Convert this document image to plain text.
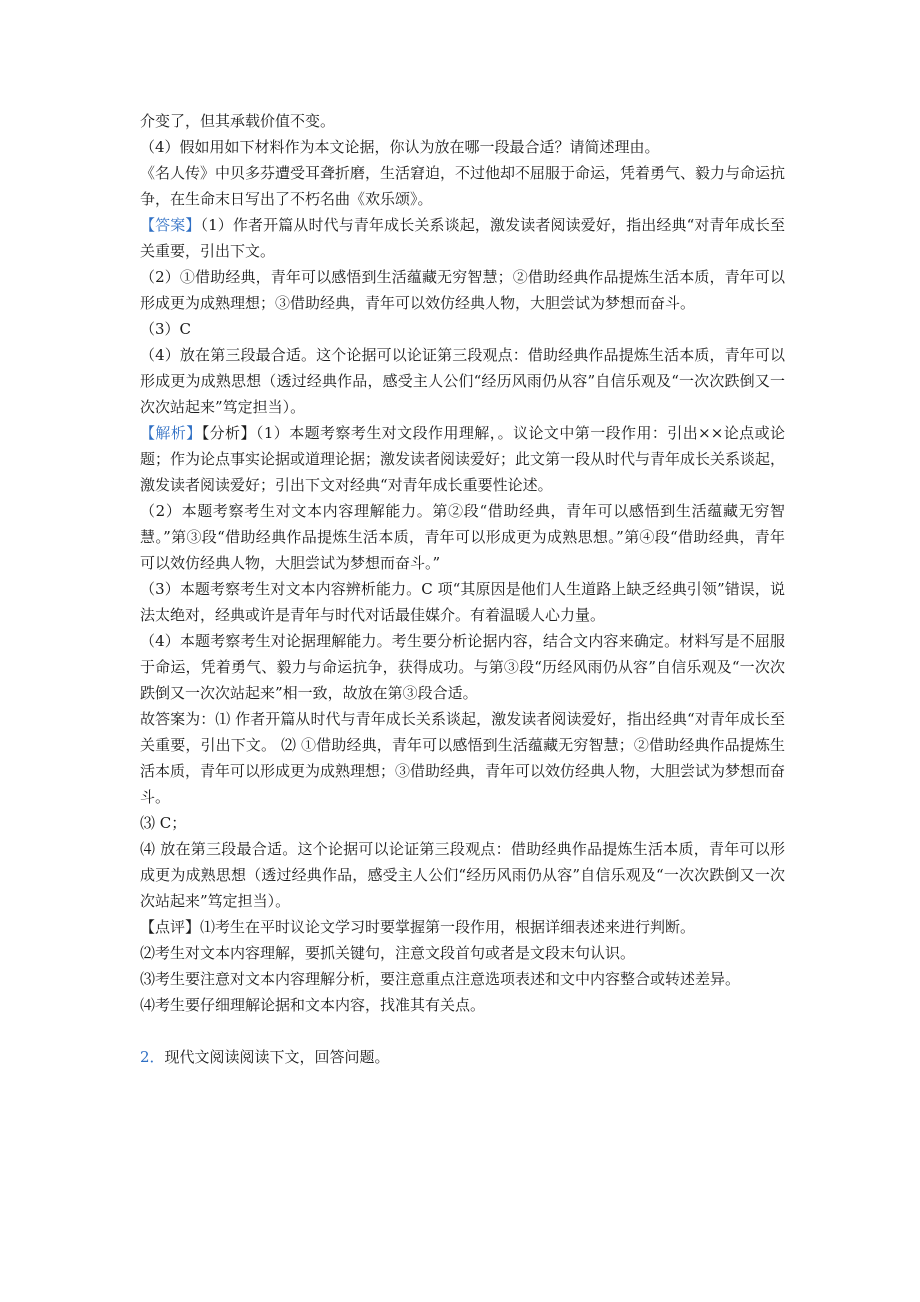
介变了，但其承载价值不变。

（4）假如用如下材料作为本文论据，你认为放在哪一段最合适？请简述理由。

《名人传》中贝多芬遭受耳聋折磨，生活窘迫，不过他却不屈服于命运，凭着勇气、毅力与命运抗争，在生命末日写出了不朽名曲《欢乐颂》。

【答案】（1）作者开篇从时代与青年成长关系谈起，激发读者阅读爱好，指出经典“对青年成长至关重要，引出下文。

（2）①借助经典，青年可以感悟到生活蕴藏无穷智慧；②借助经典作品提炼生活本质，青年可以形成更为成熟理想；③借助经典，青年可以效仿经典人物，大胆尝试为梦想而奋斗。

（3）C

（4）放在第三段最合适。这个论据可以论证第三段观点：借助经典作品提炼生活本质，青年可以形成更为成熟思想（透过经典作品，感受主人公们“经历风雨仍从容”自信乐观及“一次次跌倒又一次次站起来”笃定担当）。

【解析】【分析】（1）本题考察考生对文段作用理解，。议论文中第一段作用：引出××论点或论题；作为论点事实论据或道理论据；激发读者阅读爱好；此文第一段从时代与青年成长关系谈起，激发读者阅读爱好；引出下文对经典“对青年成长重要性论述。

（2）本题考察考生对文本内容理解能力。第②段“借助经典，青年可以感悟到生活蕴藏无穷智慧。”第③段“借助经典作品提炼生活本质，青年可以形成更为成熟思想。”第④段“借助经典，青年可以效仿经典人物，大胆尝试为梦想而奋斗。”

（3）本题考察考生对文本内容辨析能力。C 项“其原因是他们人生道路上缺乏经典引领”错误，说法太绝对，经典或许是青年与时代对话最佳媒介。有着温暖人心力量。

（4）本题考察考生对论据理解能力。考生要分析论据内容，结合文内容来确定。材料写是不屈服于命运，凭着勇气、毅力与命运抗争，获得成功。与第③段“历经风雨仍从容”自信乐观及“一次次跌倒又一次次站起来”相一致，故放在第③段合适。

故答案为：⑴ 作者开篇从时代与青年成长关系谈起，激发读者阅读爱好，指出经典“对青年成长至关重要，引出下文。 ⑵ ①借助经典，青年可以感悟到生活蕴藏无穷智慧；②借助经典作品提炼生活本质，青年可以形成更为成熟理想；③借助经典，青年可以效仿经典人物，大胆尝试为梦想而奋斗。

⑶ C；

⑷ 放在第三段最合适。这个论据可以论证第三段观点：借助经典作品提炼生活本质，青年可以形成更为成熟思想（透过经典作品，感受主人公们“经历风雨仍从容”自信乐观及“一次次跌倒又一次次站起来”笃定担当）。

【点评】⑴考生在平时议论文学习时要掌握第一段作用，根据详细表述来进行判断。

⑵考生对文本内容理解，要抓关键句，注意文段首句或者是文段末句认识。

⑶考生要注意对文本内容理解分析，要注意重点注意选项表述和文中内容整合或转述差异。

⑷考生要仔细理解论据和文本内容，找准其有关点。

2．现代文阅读阅读下文，回答问题。
